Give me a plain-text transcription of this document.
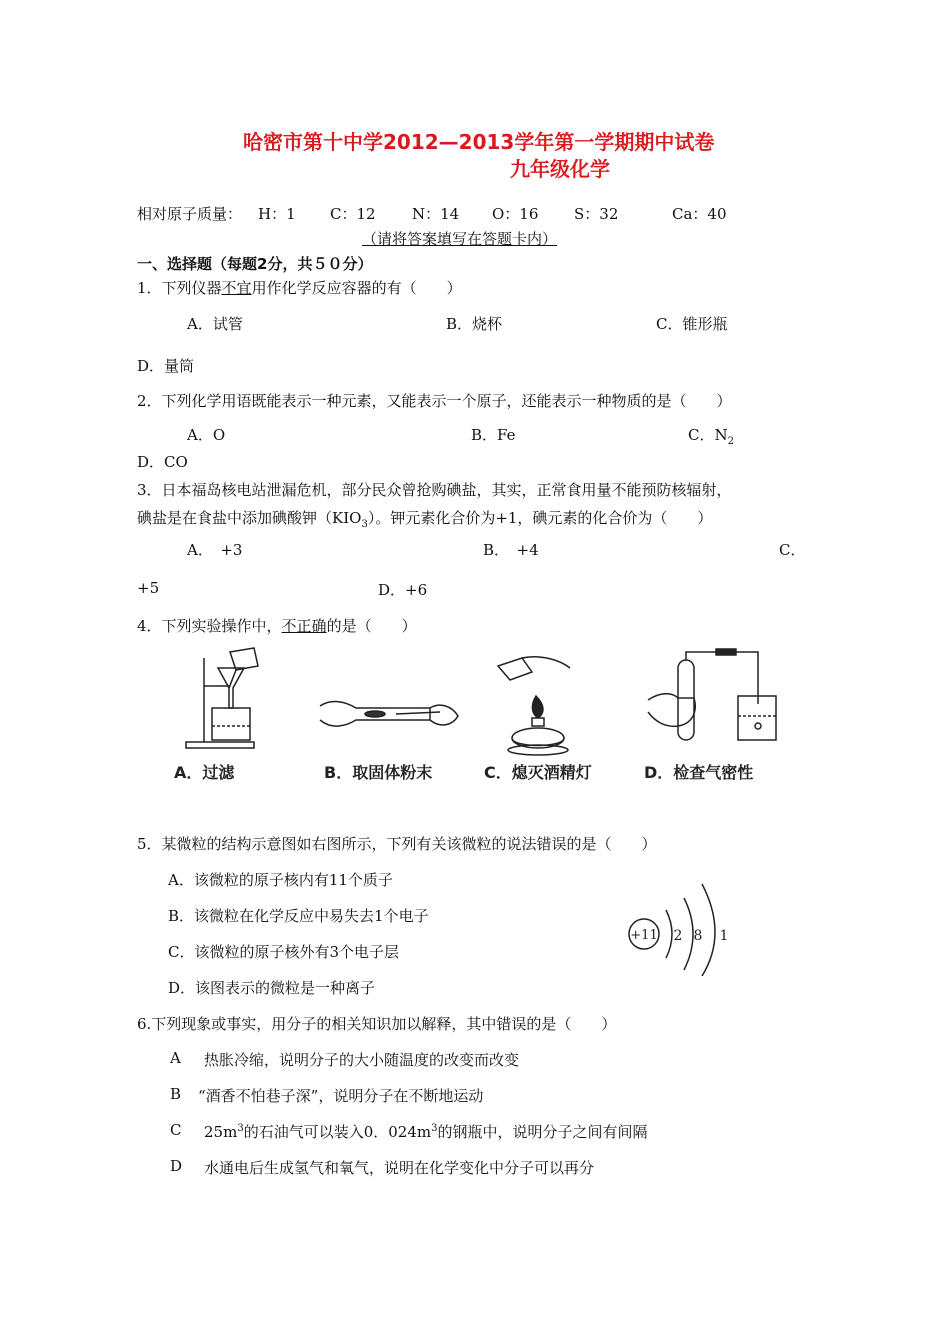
哈密市第十中学2012—2013学年第一学期期中试卷
九年级化学
相对原子质量： H：1 C：12 N：14 O：16 S：32	Ca：40
（请将答案填写在答题卡内）
一、选择题（每题2分，共５０分）
1．下列仪器不宜用作化学反应容器的有（　　）
A．试管	B．烧杯	C．锥形瓶
D．量筒
2．下列化学用语既能表示一种元素，又能表示一个原子，还能表示一种物质的是（　　）
A．O	B．Fe	C．$N_2$
D．CO
3．日本福岛核电站泄漏危机，部分民众曾抢购碘盐，其实，正常食用量不能预防核辐射，
碘盐是在食盐中添加碘酸钾$(KIO_3)$。钾元素化合价为+1，碘元素的化合价为（　　）
A．　+3	B．　+4	C．
+5	D．+6
4．下列实验操作中，不正确的是（　　）
A．过滤	B．取固体粉末	C．熄灭酒精灯	D．检查气密性
5．某微粒的结构示意图如右图所示，下列有关该微粒的说法错误的是（　　）
A．该微粒的原子核内有11个质子
B．该微粒在化学反应中易失去1个电子
C．该微粒的原子核外有3个电子层
D．该图表示的微粒是一种离子
+11 2 8 1
6.下列现象或事实，用分子的相关知识加以解释，其中错误的是（　　）
A 热胀冷缩，说明分子的大小随温度的改变而改变
B “酒香不怕巷子深”，说明分子在不断地运动
C $25m^3$的石油气可以装入0．$024m^3$的钢瓶中，说明分子之间有间隔
D 水通电后生成氢气和氧气，说明在化学变化中分子可以再分
